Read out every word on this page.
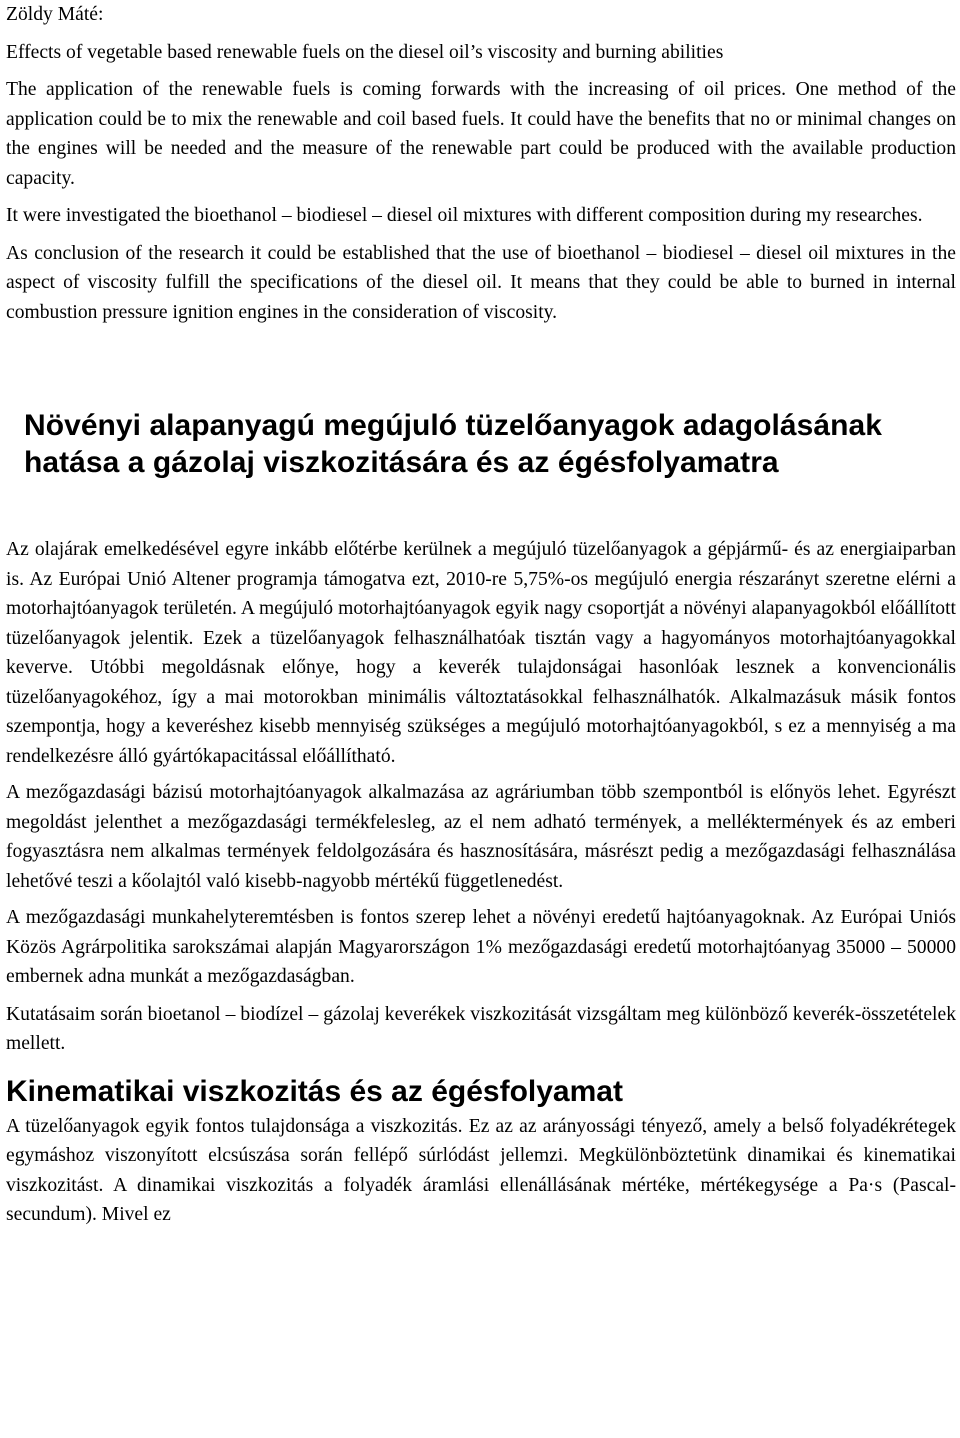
Zöldy Máté:

Effects of vegetable based renewable fuels on the diesel oil’s viscosity and burning abilities

The application of the renewable fuels is coming forwards with the increasing of oil prices. One method of the application could be to mix the renewable and coil based fuels. It could have the benefits that no or minimal changes on the engines will be needed and the measure of the renewable part could be produced with the available production capacity.

It were investigated the bioethanol – biodiesel – diesel oil mixtures with different composition during my researches.

As conclusion of the research it could be established that the use of bioethanol – biodiesel – diesel oil mixtures in the aspect of viscosity fulfill the specifications of the diesel oil. It means that they could be able to burned in internal combustion pressure ignition engines in the consideration of viscosity.

Növényi alapanyagú megújuló tüzelőanyagok adagolásának hatása a gázolaj viszkozitására és az égésfolyamatra

Az olajárak emelkedésével egyre inkább előtérbe kerülnek a megújuló tüzelőanyagok a gépjármű- és az energiaiparban is. Az Európai Unió Altener programja támogatva ezt, 2010-re 5,75%-os megújuló energia részarányt szeretne elérni a motorhajtóanyagok területén. A megújuló motorhajtóanyagok egyik nagy csoportját a növényi alapanyagokból előállított tüzelőanyagok jelentik. Ezek a tüzelőanyagok felhasználhatóak tisztán vagy a hagyományos motorhajtóanyagokkal keverve. Utóbbi megoldásnak előnye, hogy a keverék tulajdonságai hasonlóak lesznek a konvencionális tüzelőanyagokéhoz, így a mai motorokban minimális változtatásokkal felhasználhatók. Alkalmazásuk másik fontos szempontja, hogy a keveréshez kisebb mennyiség szükséges a megújuló motorhajtóanyagokból, s ez a mennyiség a ma rendelkezésre álló gyártókapacitással előállítható.

A mezőgazdasági bázisú motorhajtóanyagok alkalmazása az agráriumban több szempontból is előnyös lehet. Egyrészt megoldást jelenthet a mezőgazdasági termékfelesleg, az el nem adható termények, a melléktermények és az emberi fogyasztásra nem alkalmas termények feldolgozására és hasznosítására, másrészt pedig a mezőgazdasági felhasználása lehetővé teszi a kőolajtól való kisebb-nagyobb mértékű függetlenedést.

A mezőgazdasági munkahelyteremtésben is fontos szerep lehet a növényi eredetű hajtóanyagoknak. Az Európai Uniós Közös Agrárpolitika sarokszámai alapján Magyarországon 1% mezőgazdasági eredetű motorhajtóanyag 35000 – 50000 embernek adna munkát a mezőgazdaságban.

Kutatásaim során bioetanol – biodízel – gázolaj keverékek viszkozitását vizsgáltam meg különböző keverék-összetételek mellett.

Kinematikai viszkozitás és az égésfolyamat

A tüzelőanyagok egyik fontos tulajdonsága a viszkozitás. Ez az az arányossági tényező, amely a belső folyadékrétegek egymáshoz viszonyított elcsúszása során fellépő súrlódást jellemzi. Megkülönböztetünk dinamikai és kinematikai viszkozitást. A dinamikai viszkozitás a folyadék áramlási ellenállásának mértéke, mértékegysége a Pa·s (Pascal-secundum). Mivel ez
